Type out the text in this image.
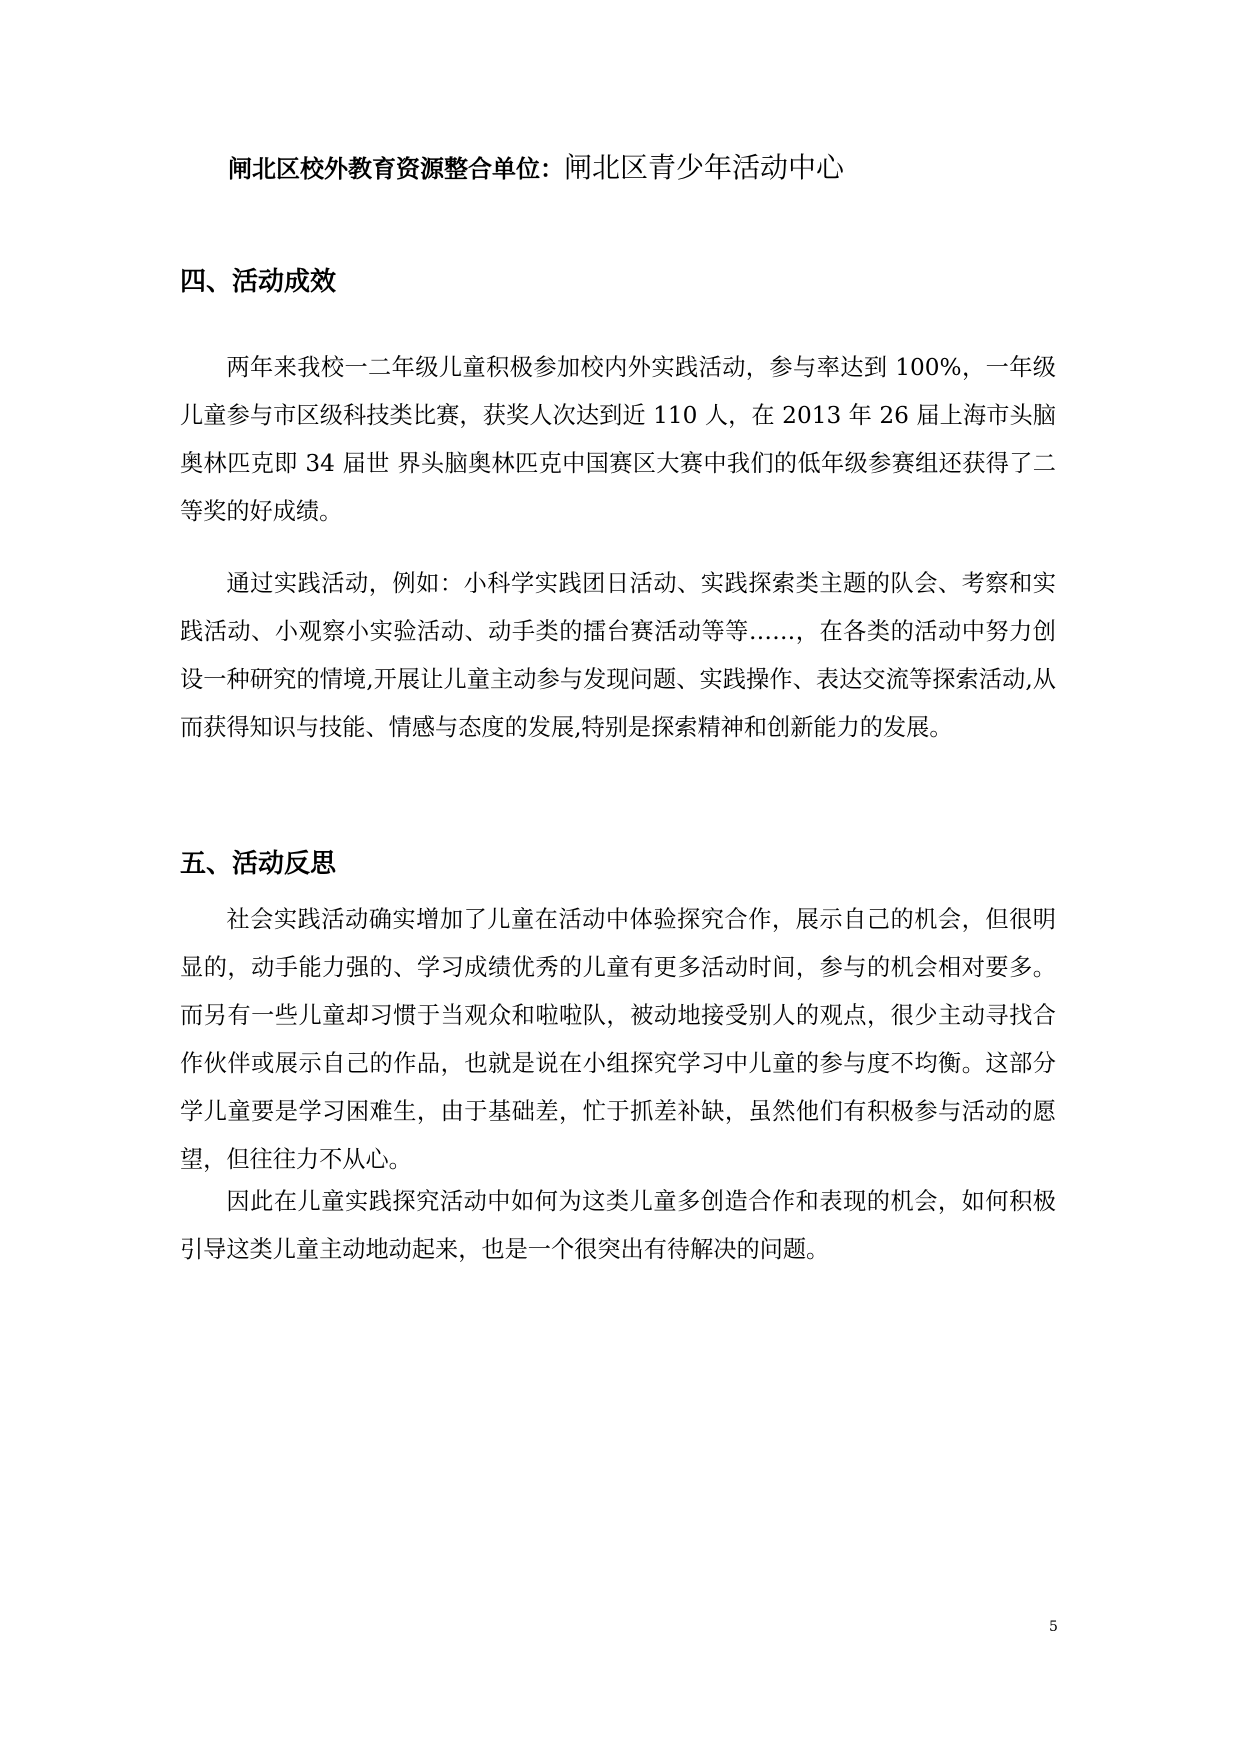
闸北区校外教育资源整合单位：闸北区青少年活动中心
四、活动成效

两年来我校一二年级儿童积极参加校内外实践活动，参与率达到 100%，一年级儿童参与市区级科技类比赛，获奖人次达到近 110 人，在 2013 年 26 届上海市头脑奥林匹克即 34 届世 界头脑奥林匹克中国赛区大赛中我们的低年级参赛组还获得了二等奖的好成绩。

通过实践活动，例如：小科学实践团日活动、实践探索类主题的队会、考察和实践活动、小观察小实验活动、动手类的擂台赛活动等等……，在各类的活动中努力创设一种研究的情境,开展让儿童主动参与发现问题、实践操作、表达交流等探索活动,从而获得知识与技能、情感与态度的发展,特别是探索精神和创新能力的发展。

五、活动反思

社会实践活动确实增加了儿童在活动中体验探究合作，展示自己的机会，但很明显的，动手能力强的、学习成绩优秀的儿童有更多活动时间，参与的机会相对要多。而另有一些儿童却习惯于当观众和啦啦队，被动地接受别人的观点，很少主动寻找合作伙伴或展示自己的作品，也就是说在小组探究学习中儿童的参与度不均衡。这部分学儿童要是学习困难生，由于基础差，忙于抓差补缺，虽然他们有积极参与活动的愿望，但往往力不从心。

因此在儿童实践探究活动中如何为这类儿童多创造合作和表现的机会，如何积极引导这类儿童主动地动起来，也是一个很突出有待解决的问题。

5
